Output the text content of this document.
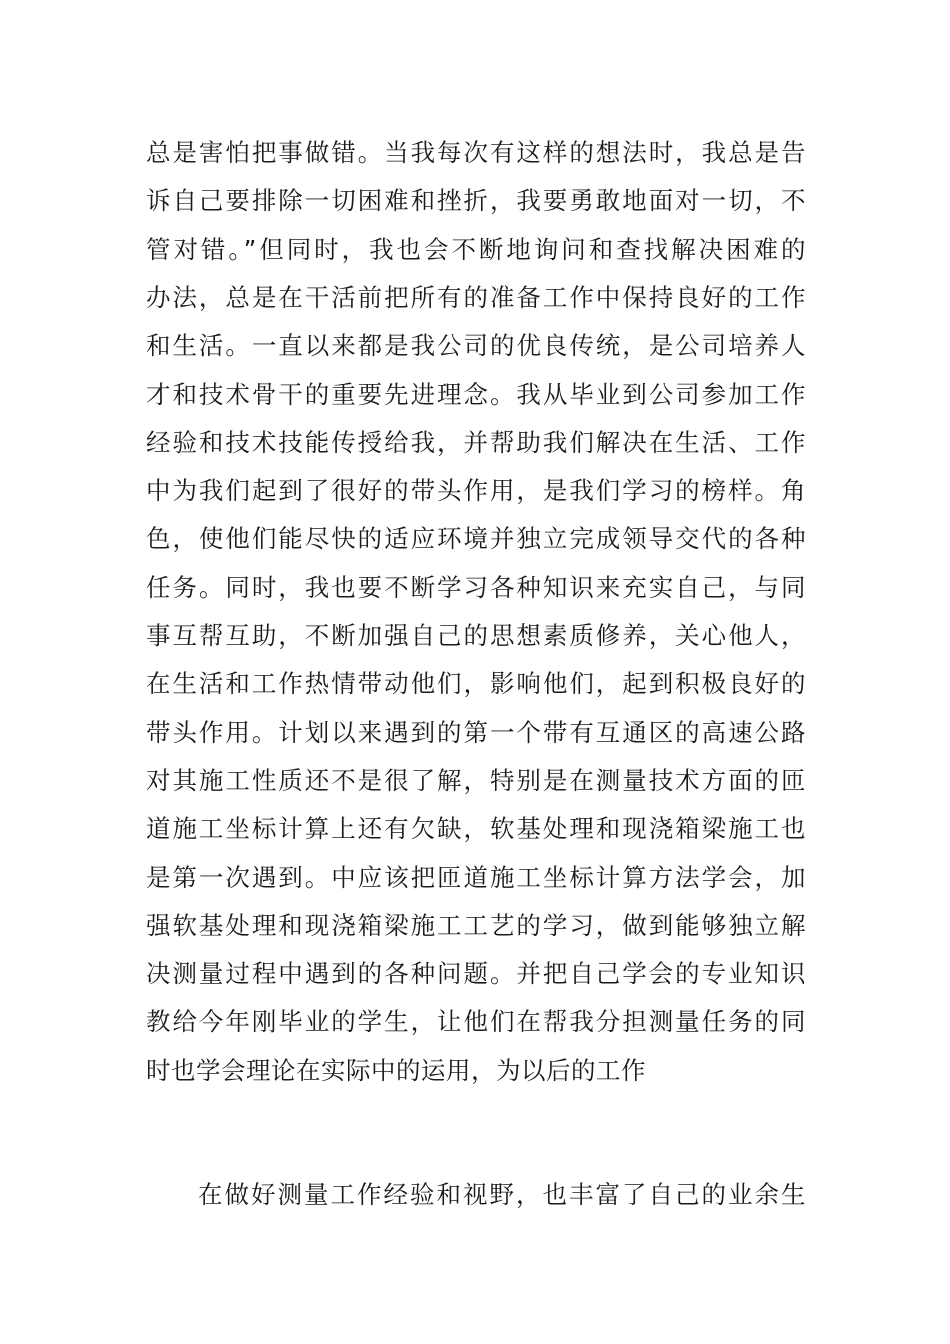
总是害怕把事做错。当我每次有这样的想法时，我总是告
诉自己要排除一切困难和挫折，我要勇敢地面对一切，不
管对错。”但同时，我也会不断地询问和查找解决困难的
办法，总是在干活前把所有的准备工作中保持良好的工作
和生活。一直以来都是我公司的优良传统，是公司培养人
才和技术骨干的重要先进理念。我从毕业到公司参加工作
经验和技术技能传授给我，并帮助我们解决在生活、工作
中为我们起到了很好的带头作用，是我们学习的榜样。角
色，使他们能尽快的适应环境并独立完成领导交代的各种
任务。同时，我也要不断学习各种知识来充实自己，与同
事互帮互助，不断加强自己的思想素质修养，关心他人，
在生活和工作热情带动他们，影响他们，起到积极良好的
带头作用。计划以来遇到的第一个带有互通区的高速公路
对其施工性质还不是很了解，特别是在测量技术方面的匝
道施工坐标计算上还有欠缺，软基处理和现浇箱梁施工也
是第一次遇到。中应该把匝道施工坐标计算方法学会，加
强软基处理和现浇箱梁施工工艺的学习，做到能够独立解
决测量过程中遇到的各种问题。并把自己学会的专业知识
教给今年刚毕业的学生，让他们在帮我分担测量任务的同
时也学会理论在实际中的运用，为以后的工作
在做好测量工作经验和视野，也丰富了自己的业余生
